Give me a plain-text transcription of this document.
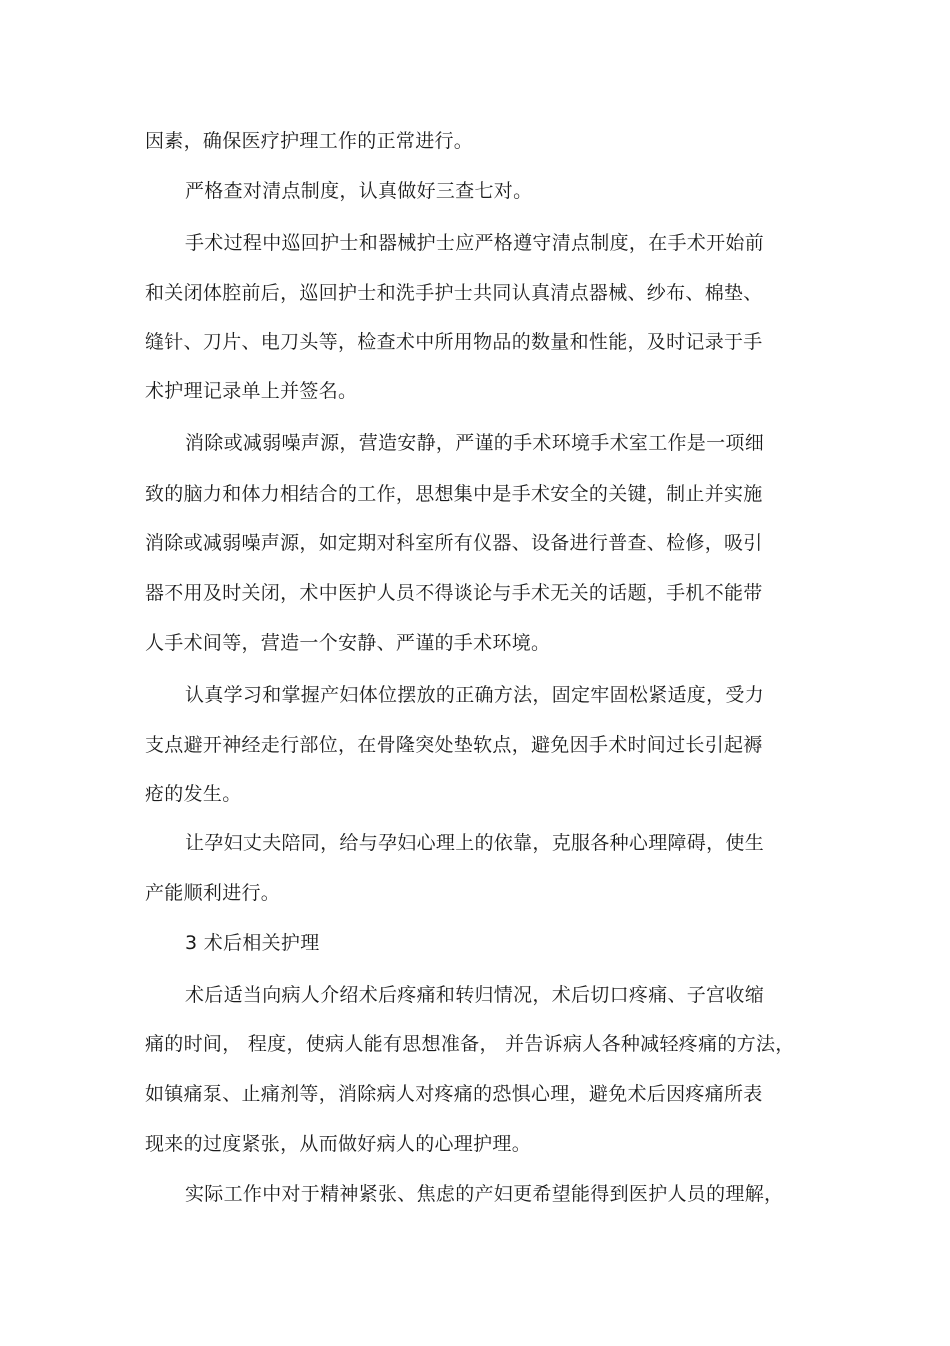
因素，确保医疗护理工作的正常进行。
严格查对清点制度，认真做好三查七对。
手术过程中巡回护士和器械护士应严格遵守清点制度，在手术开始前
和关闭体腔前后，巡回护士和洗手护士共同认真清点器械、纱布、棉垫、
缝针、刀片、电刀头等，检查术中所用物品的数量和性能，及时记录于手
术护理记录单上并签名。
消除或减弱噪声源，营造安静，严谨的手术环境手术室工作是一项细
致的脑力和体力相结合的工作，思想集中是手术安全的关键，制止并实施
消除或减弱噪声源，如定期对科室所有仪器、设备进行普查、检修，吸引
器不用及时关闭，术中医护人员不得谈论与手术无关的话题，手机不能带
人手术间等，营造一个安静、严谨的手术环境。
认真学习和掌握产妇体位摆放的正确方法，固定牢固松紧适度，受力
支点避开神经走行部位，在骨隆突处垫软点，避免因手术时间过长引起褥
疮的发生。
让孕妇丈夫陪同，给与孕妇心理上的依靠，克服各种心理障碍，使生
产能顺利进行。
3 术后相关护理
术后适当向病人介绍术后疼痛和转归情况，术后切口疼痛、子宫收缩
痛的时间， 程度，使病人能有思想准备， 并告诉病人各种减轻疼痛的方法，
如镇痛泵、止痛剂等，消除病人对疼痛的恐惧心理，避免术后因疼痛所表
现来的过度紧张，从而做好病人的心理护理。
实际工作中对于精神紧张、焦虑的产妇更希望能得到医护人员的理解，
